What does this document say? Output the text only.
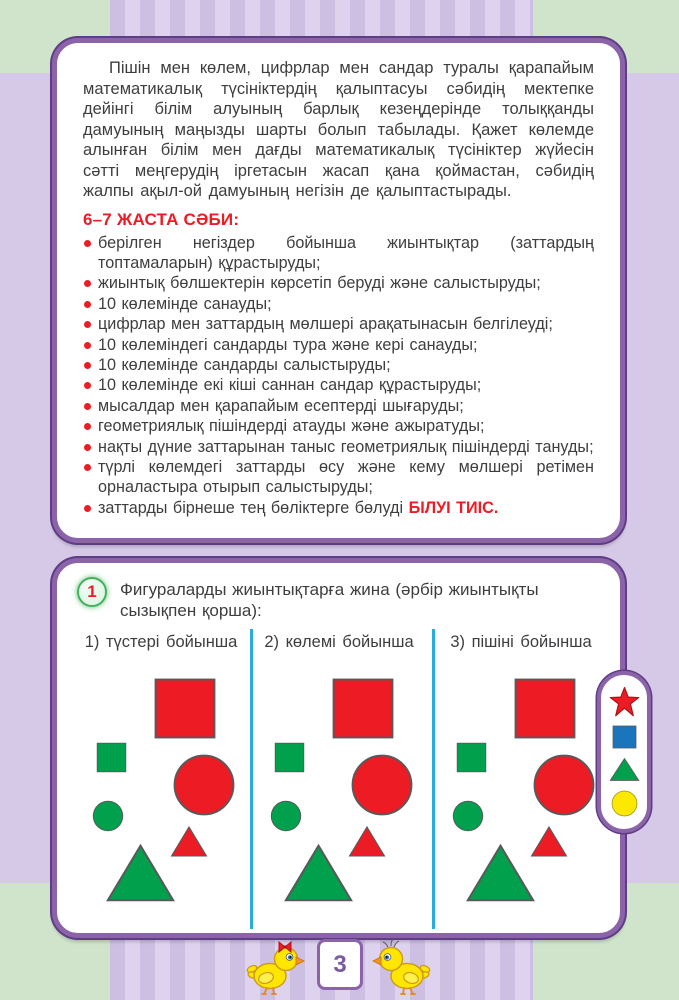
Пішін мен көлем, цифрлар мен сандар туралы қарапайым математикалық түсініктердің қалыптасуы сәбидің мектепке дейінгі білім алуының барлық кезеңдерінде толыққанды дамуының маңызды шарты болып табылады. Қажет көлемде алынған білім мен дағды математикалық түсініктер жүйесін сәтті меңгерудің іргетасын жасап қана қоймастан, сәбидің жалпы ақыл-ой дамуының негізін де қалыптастырады.

6–7 ЖАСТА СӘБИ:
берілген негіздер бойынша жиынтықтар (заттардың топтамаларын) құрастыруды;
жиынтық бөлшектерін көрсетіп беруді және салыстыруды;
10 көлемінде санауды;
цифрлар мен заттардың мөлшері арақатынасын белгілеуді;
10 көлеміндегі сандарды тура және кері санауды;
10 көлемінде сандарды салыстыруды;
10 көлемінде екі кіші саннан сандар құрастыруды;
мысалдар мен қарапайым есептерді шығаруды;
геометриялық пішіндерді атауды және ажыратуды;
нақты дүние заттарынан таныс геометриялық пішіндерді тануды;
түрлі көлемдегі заттарды өсу және кему мөлшері ретімен орналастыра отырып салыстыруды;
заттарды бірнеше тең бөліктерге бөлуді БІЛУІ ТИІС.
1	Фигураларды жиынтықтарға жина (әрбір жиынтықты сызықпен қорша):
1) түстері бойынша	2) көлемі бойынша	3) пішіні бойынша
3
